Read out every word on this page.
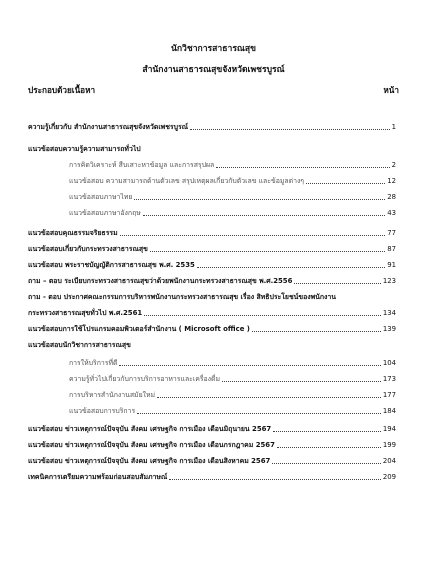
นักวิชาการสาธารณสุข
สำนักงานสาธารณสุขจังหวัดเพชรบูรณ์
ประกอบด้วยเนื้อหา	หน้า
ความรู้เกี่ยวกับ สำนักงานสาธารณสุขจังหวัดเพชรบูรณ์	1
แนวข้อสอบความรู้ความสามารถทั่วไป
การคิดวิเคราะห์ สืบเสาะหาข้อมูล และการสรุปผล	2
แนวข้อสอบ ความสามารถด้านตัวเลข สรุปเหตุผลเกี่ยวกับตัวเลข และข้อมูลต่างๆ	12
แนวข้อสอบภาษาไทย	28
แนวข้อสอบภาษาอังกฤษ	43
แนวข้อสอบคุณธรรมจริยธรรม	77
แนวข้อสอบเกี่ยวกับกระทรวงสาธารณสุข	87
แนวข้อสอบ พระราชบัญญัติการสาธารณสุข พ.ศ. 2535	91
ถาม – ตอบ ระเบียบกระทรวงสาธารณสุขว่าด้วยพนักงานกระทรวงสาธารณสุข พ.ศ.2556	123
ถาม - ตอบ ประกาศคณะกรรมการบริหารพนักงานกระทรวงสาธารณสุข เรื่อง สิทธิประโยชน์ของพนักงาน
กระทรวงสาธารณสุขทั่วไป พ.ศ.2561	134
แนวข้อสอบการใช้โปรแกรมคอมพิวเตอร์สำนักงาน ( Microsoft office )	139
แนวข้อสอบนักวิชาการสาธารณสุข
การให้บริการที่ดี	104
ความรู้ทั่วไปเกี่ยวกับการบริการอาหารและเครื่องดื่ม	173
การบริหารสำนักงานสมัยใหม่	177
แนวข้อสอบการบริการ	184
แนวข้อสอบ ข่าวเหตุการณ์ปัจจุบัน สังคม เศรษฐกิจ การเมือง เดือนมิถุนายน 2567	194
แนวข้อสอบ ข่าวเหตุการณ์ปัจจุบัน สังคม เศรษฐกิจ การเมือง เดือนกรกฎาคม 2567	199
แนวข้อสอบ ข่าวเหตุการณ์ปัจจุบัน สังคม เศรษฐกิจ การเมือง เดือนสิงหาคม 2567	204
เทคนิคการเตรียมความพร้อมก่อนสอบสัมภาษณ์	209
